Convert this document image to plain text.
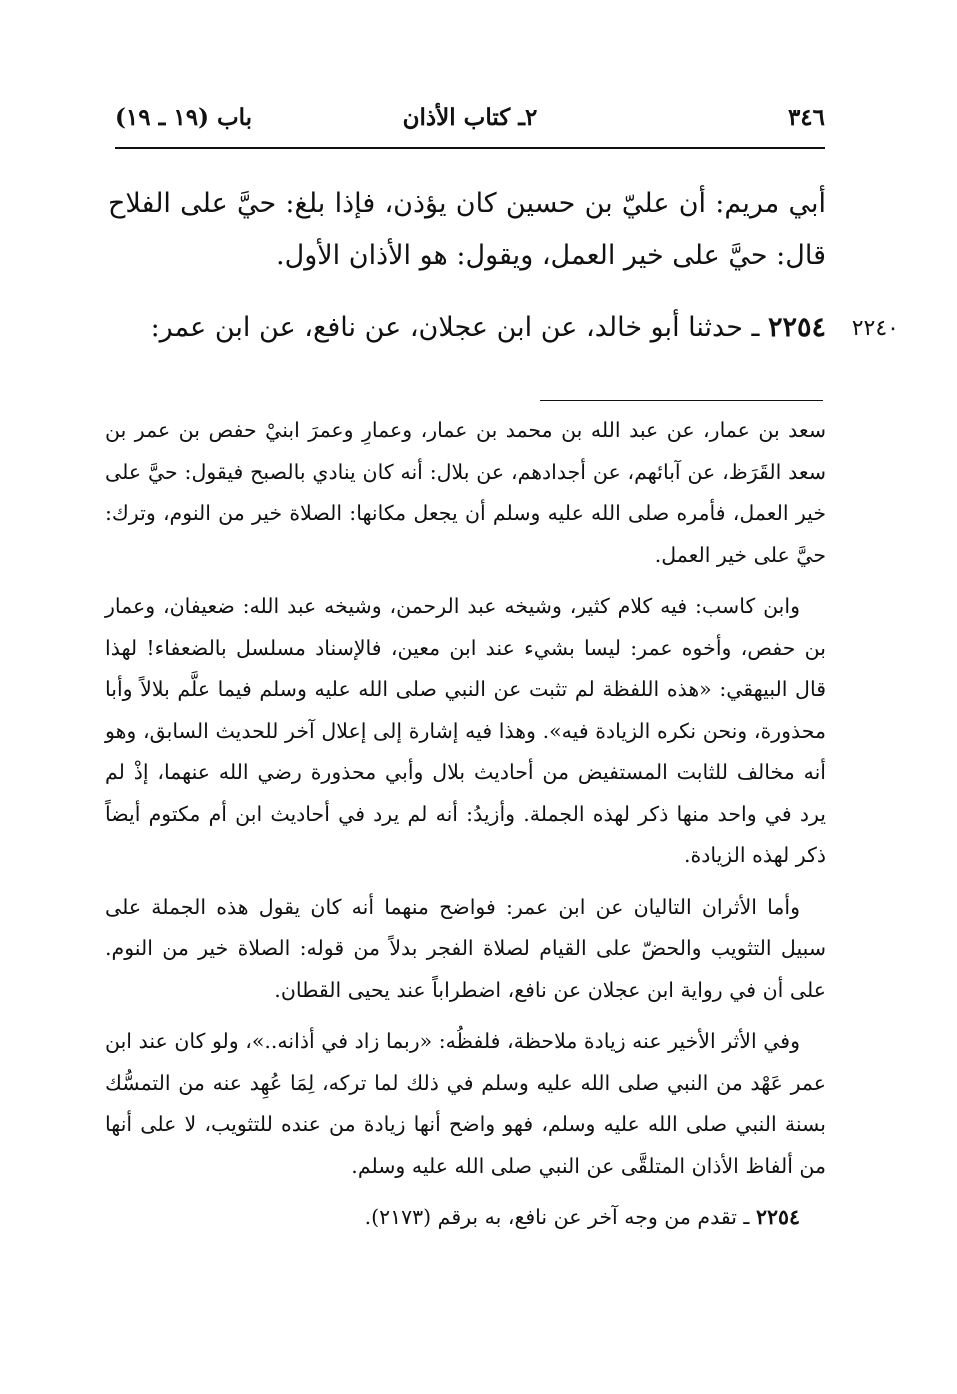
٣٤٦
٢ـ كتاب الأذان
باب (١٩ ـ ١٩)

أبي مريم: أن عليّ بن حسين كان يؤذن، فإذا بلغ: حيَّ على الفلاح قال: حيَّ على خير العمل، ويقول: هو الأذان الأول.

٢٢٥٤ ـ حدثنا أبو خالد، عن ابن عجلان، عن نافع، عن ابن عمر:	٢٢٤٠

سعد بن عمار، عن عبد الله بن محمد بن عمار، وعمارِ وعمرَ ابنيْ حفص بن عمر بن سعد القَرَظ، عن آبائهم، عن أجدادهم، عن بلال: أنه كان ينادي بالصبح فيقول: حيَّ على خير العمل، فأمره صلى الله عليه وسلم أن يجعل مكانها: الصلاة خير من النوم، وترك: حيَّ على خير العمل.

وابن كاسب: فيه كلام كثير، وشيخه عبد الرحمن، وشيخه عبد الله: ضعيفان، وعمار بن حفص، وأخوه عمر: ليسا بشيء عند ابن معين، فالإسناد مسلسل بالضعفاء! لهذا قال البيهقي: «هذه اللفظة لم تثبت عن النبي صلى الله عليه وسلم فيما علَّم بلالاً وأبا محذورة، ونحن نكره الزيادة فيه». وهذا فيه إشارة إلى إعلال آخر للحديث السابق، وهو أنه مخالف للثابت المستفيض من أحاديث بلال وأبي محذورة رضي الله عنهما، إذْ لم يرد في واحد منها ذكر لهذه الجملة. وأزيدُ: أنه لم يرد في أحاديث ابن أم مكتوم أيضاً ذكر لهذه الزيادة.

وأما الأثران التاليان عن ابن عمر: فواضح منهما أنه كان يقول هذه الجملة على سبيل التثويب والحضّ على القيام لصلاة الفجر بدلاً من قوله: الصلاة خير من النوم. على أن في رواية ابن عجلان عن نافع، اضطراباً عند يحيى القطان.

وفي الأثر الأخير عنه زيادة ملاحظة، فلفظُه: «ربما زاد في أذانه..»، ولو كان عند ابن عمر عَهْد من النبي صلى الله عليه وسلم في ذلك لما تركه، لِمَا عُهِد عنه من التمسُّك بسنة النبي صلى الله عليه وسلم، فهو واضح أنها زيادة من عنده للتثويب، لا على أنها من ألفاظ الأذان المتلقَّى عن النبي صلى الله عليه وسلم.

٢٢٥٤ ـ تقدم من وجه آخر عن نافع، به برقم (٢١٧٣).
